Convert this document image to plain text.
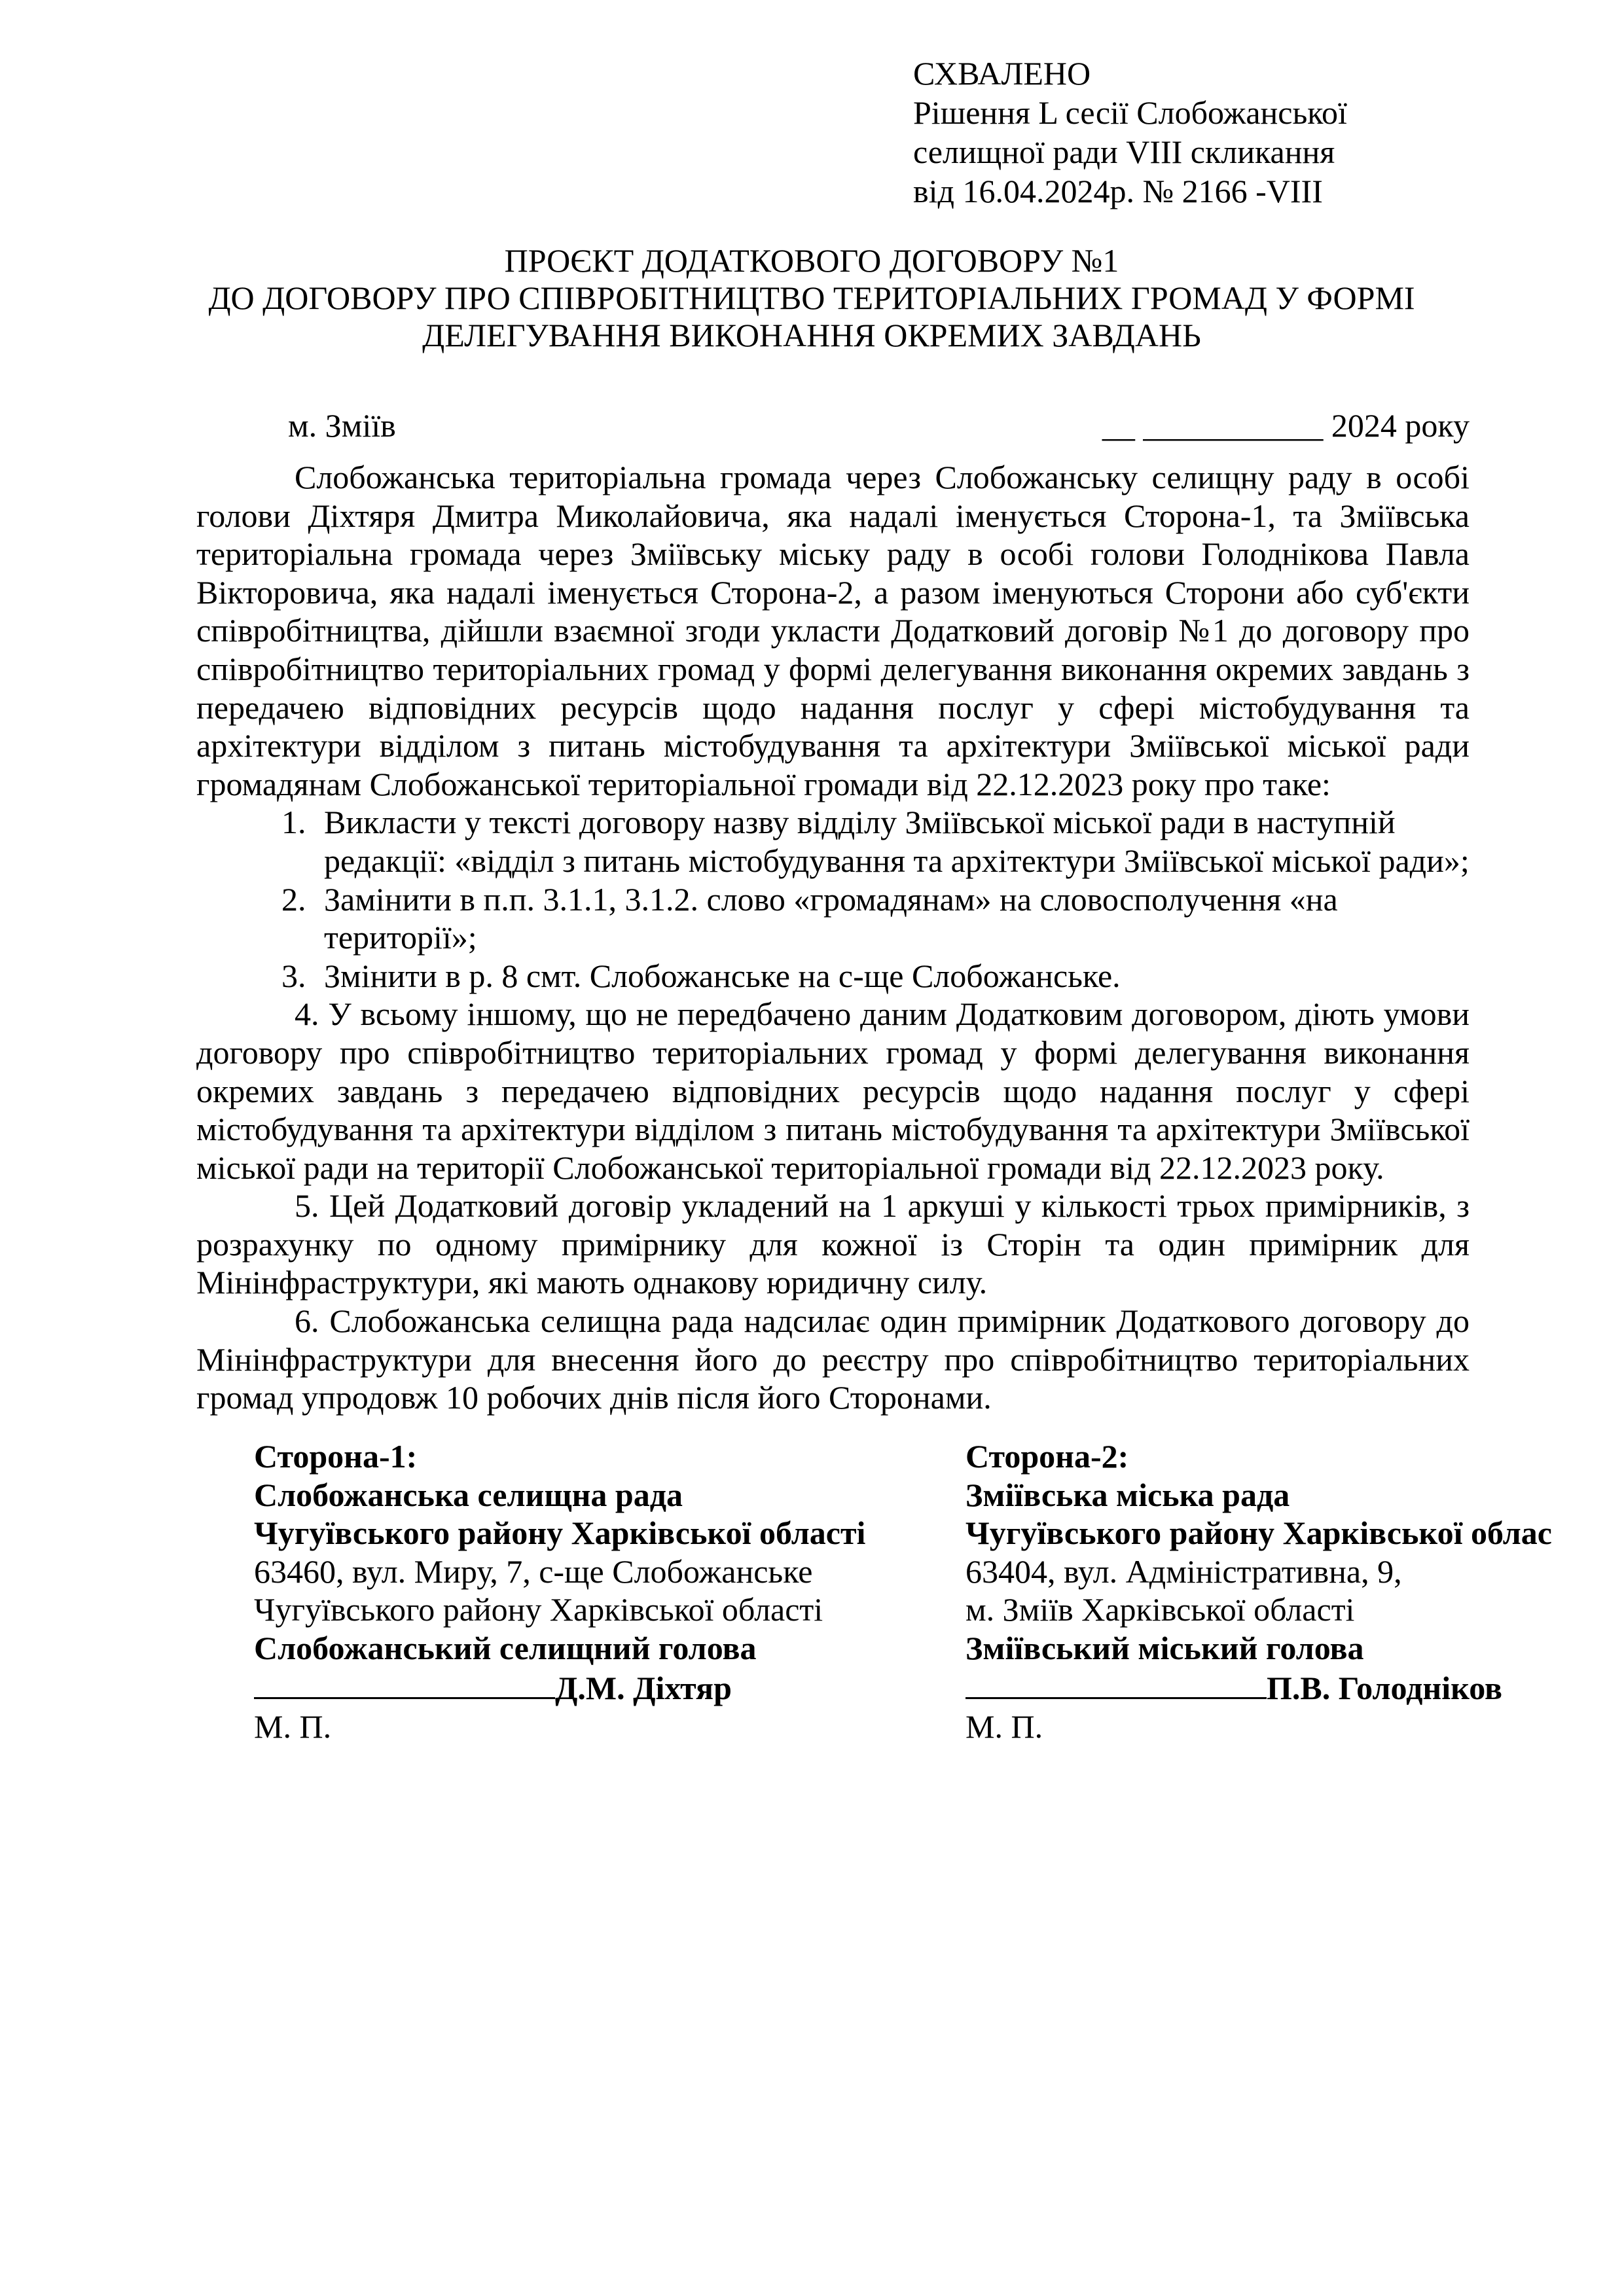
СХВАЛЕНО
Рішення L сесії Слобожанської
селищної ради VIII скликання
від 16.04.2024р. № 2166 -VIII
ПРОЄКТ ДОДАТКОВОГО ДОГОВОРУ №1
ДО ДОГОВОРУ ПРО СПІВРОБІТНИЦТВО ТЕРИТОРІАЛЬНИХ ГРОМАД У ФОРМІ
ДЕЛЕГУВАННЯ ВИКОНАННЯ ОКРЕМИХ ЗАВДАНЬ
м. Зміїв	__ ___________ 2024 року

Слобожанська територіальна громада через Слобожанську селищну раду в особі голови Діхтяря Дмитра Миколайовича, яка надалі іменується Сторона-1, та Зміївська територіальна громада через Зміївську міську раду в особі голови Голоднікова Павла Вікторовича, яка надалі іменується Сторона-2, а разом іменуються Сторони або суб'єкти співробітництва, дійшли взаємної згоди укласти Додатковий договір №1 до договору про співробітництво територіальних громад у формі делегування виконання окремих завдань з передачею відповідних ресурсів щодо надання послуг у сфері містобудування та архітектури відділом з питань містобудування та архітектури Зміївської міської ради громадянам Слобожанської територіальної громади від 22.12.2023 року про таке:

1. Викласти у тексті договору назву відділу Зміївської міської ради в наступній редакції: «відділ з питань містобудування та архітектури Зміївської міської ради»;

2. Замінити в п.п. 3.1.1, 3.1.2. слово «громадянам» на словосполучення «на території»;

3. Змінити в р. 8 смт. Слобожанське на с-ще Слобожанське.

4. У всьому іншому, що не передбачено даним Додатковим договором, діють умови договору про співробітництво територіальних громад у формі делегування виконання окремих завдань з передачею відповідних ресурсів щодо надання послуг у сфері містобудування та архітектури відділом з питань містобудування та архітектури Зміївської міської ради на території Слобожанської територіальної громади від 22.12.2023 року.

5. Цей Додатковий договір укладений на 1 аркуші у кількості трьох примірників, з розрахунку по одному примірнику для кожної із Сторін та один примірник для Мінінфраструктури, які мають однакову юридичну силу.

6. Слобожанська селищна рада надсилає один примірник Додаткового договору до Мінінфраструктури для внесення його до реєстру про співробітництво територіальних громад упродовж 10 робочих днів після його Сторонами.

Сторона-1:
Слобожанська селищна рада
Чугуївського району Харківської області
63460, вул. Миру, 7, с-ще Слобожанське
Чугуївського району Харківської області
Слобожанський селищний голова
Д.М. Діхтяр
М. П.
Сторона-2:
Зміївська міська рада
Чугуївського району Харківської облас
63404, вул. Адміністративна, 9,
м. Зміїв Харківської області
Зміївський міський голова
П.В. Голодніков
М. П.
